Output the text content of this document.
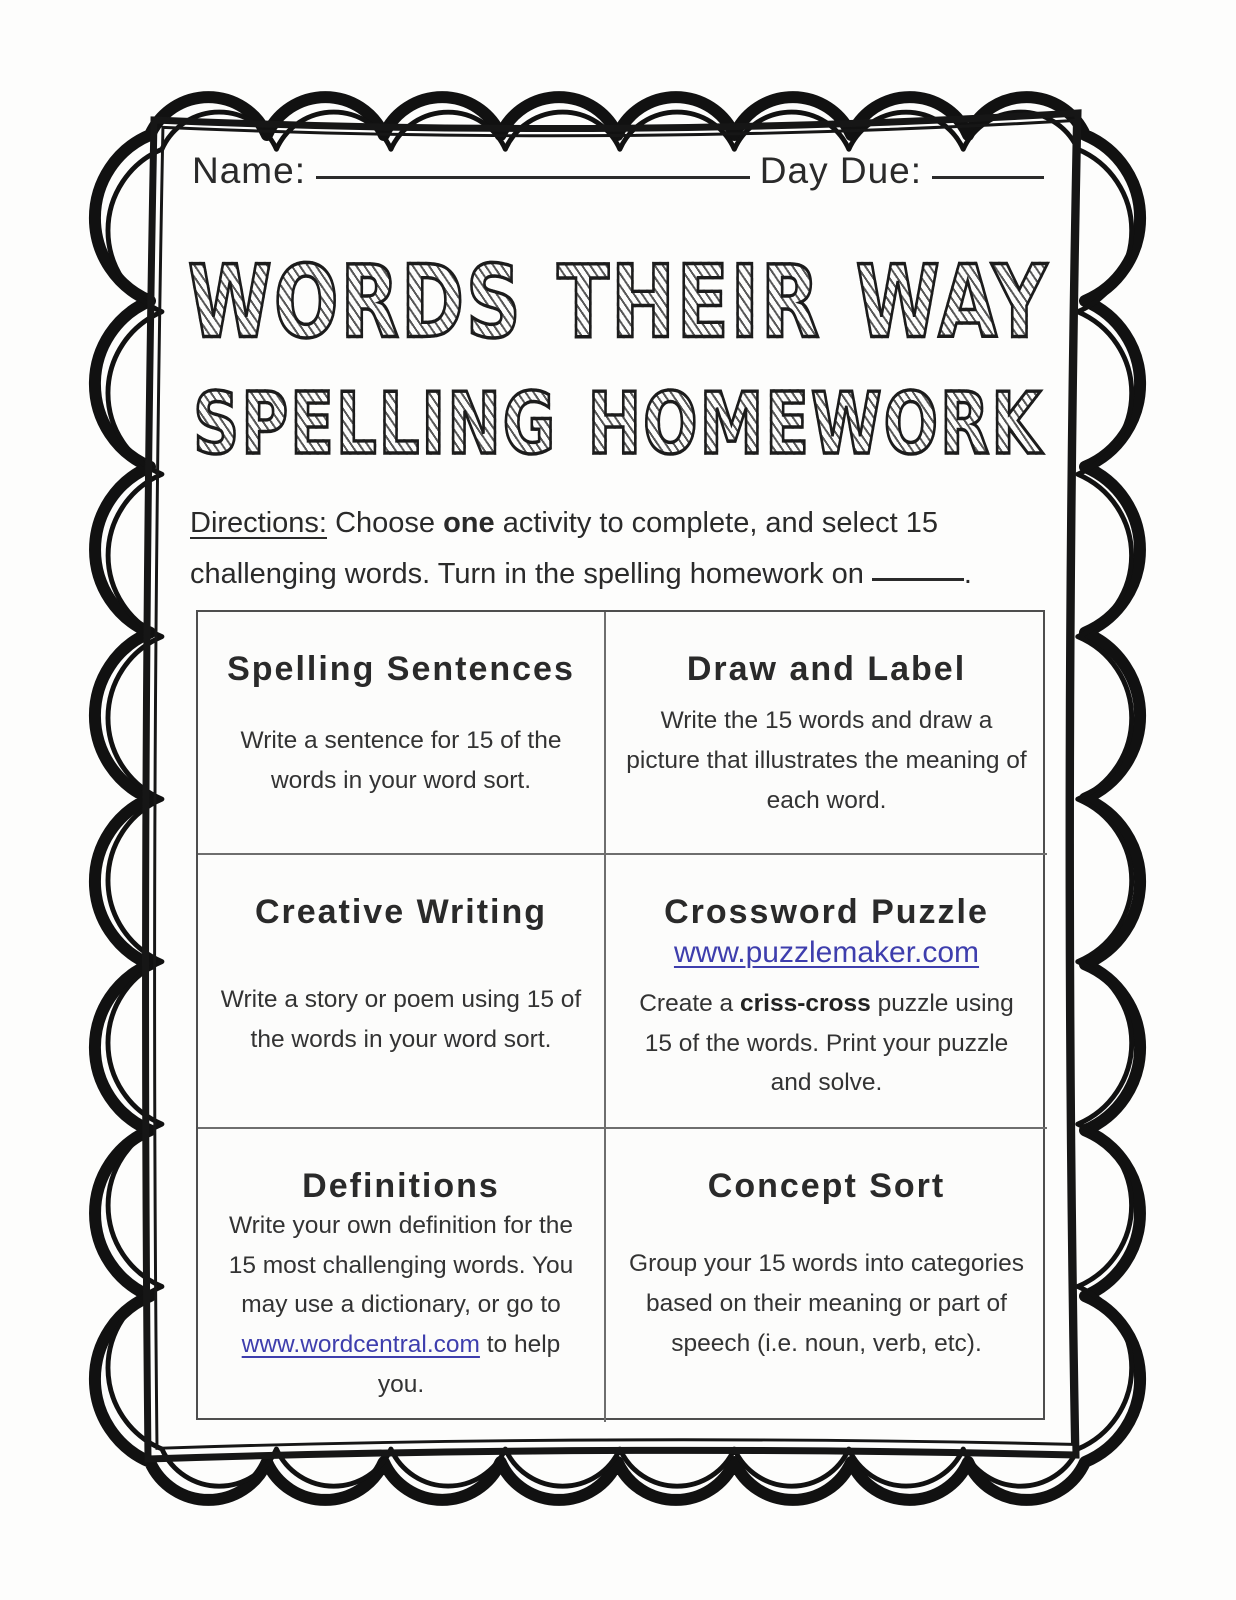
Name:	Day Due:
WORDS THEIR WAY
SPELLING HOMEWORK

Directions: Choose one activity to complete, and select 15 challenging words. Turn in the spelling homework on	.

Spelling Sentences
Write a sentence for 15 of the words in your word sort.
Draw and Label
Write the 15 words and draw a picture that illustrates the meaning of each word.
Creative Writing
Write a story or poem using 15 of the words in your word sort.
Crossword Puzzle
www.puzzlemaker.com
Create a criss-cross puzzle using 15 of the words. Print your puzzle and solve.
Definitions
Write your own definition for the 15 most challenging words. You may use a dictionary, or go to www.wordcentral.com to help you.
Concept Sort
Group your 15 words into categories based on their meaning or part of speech (i.e. noun, verb, etc).
